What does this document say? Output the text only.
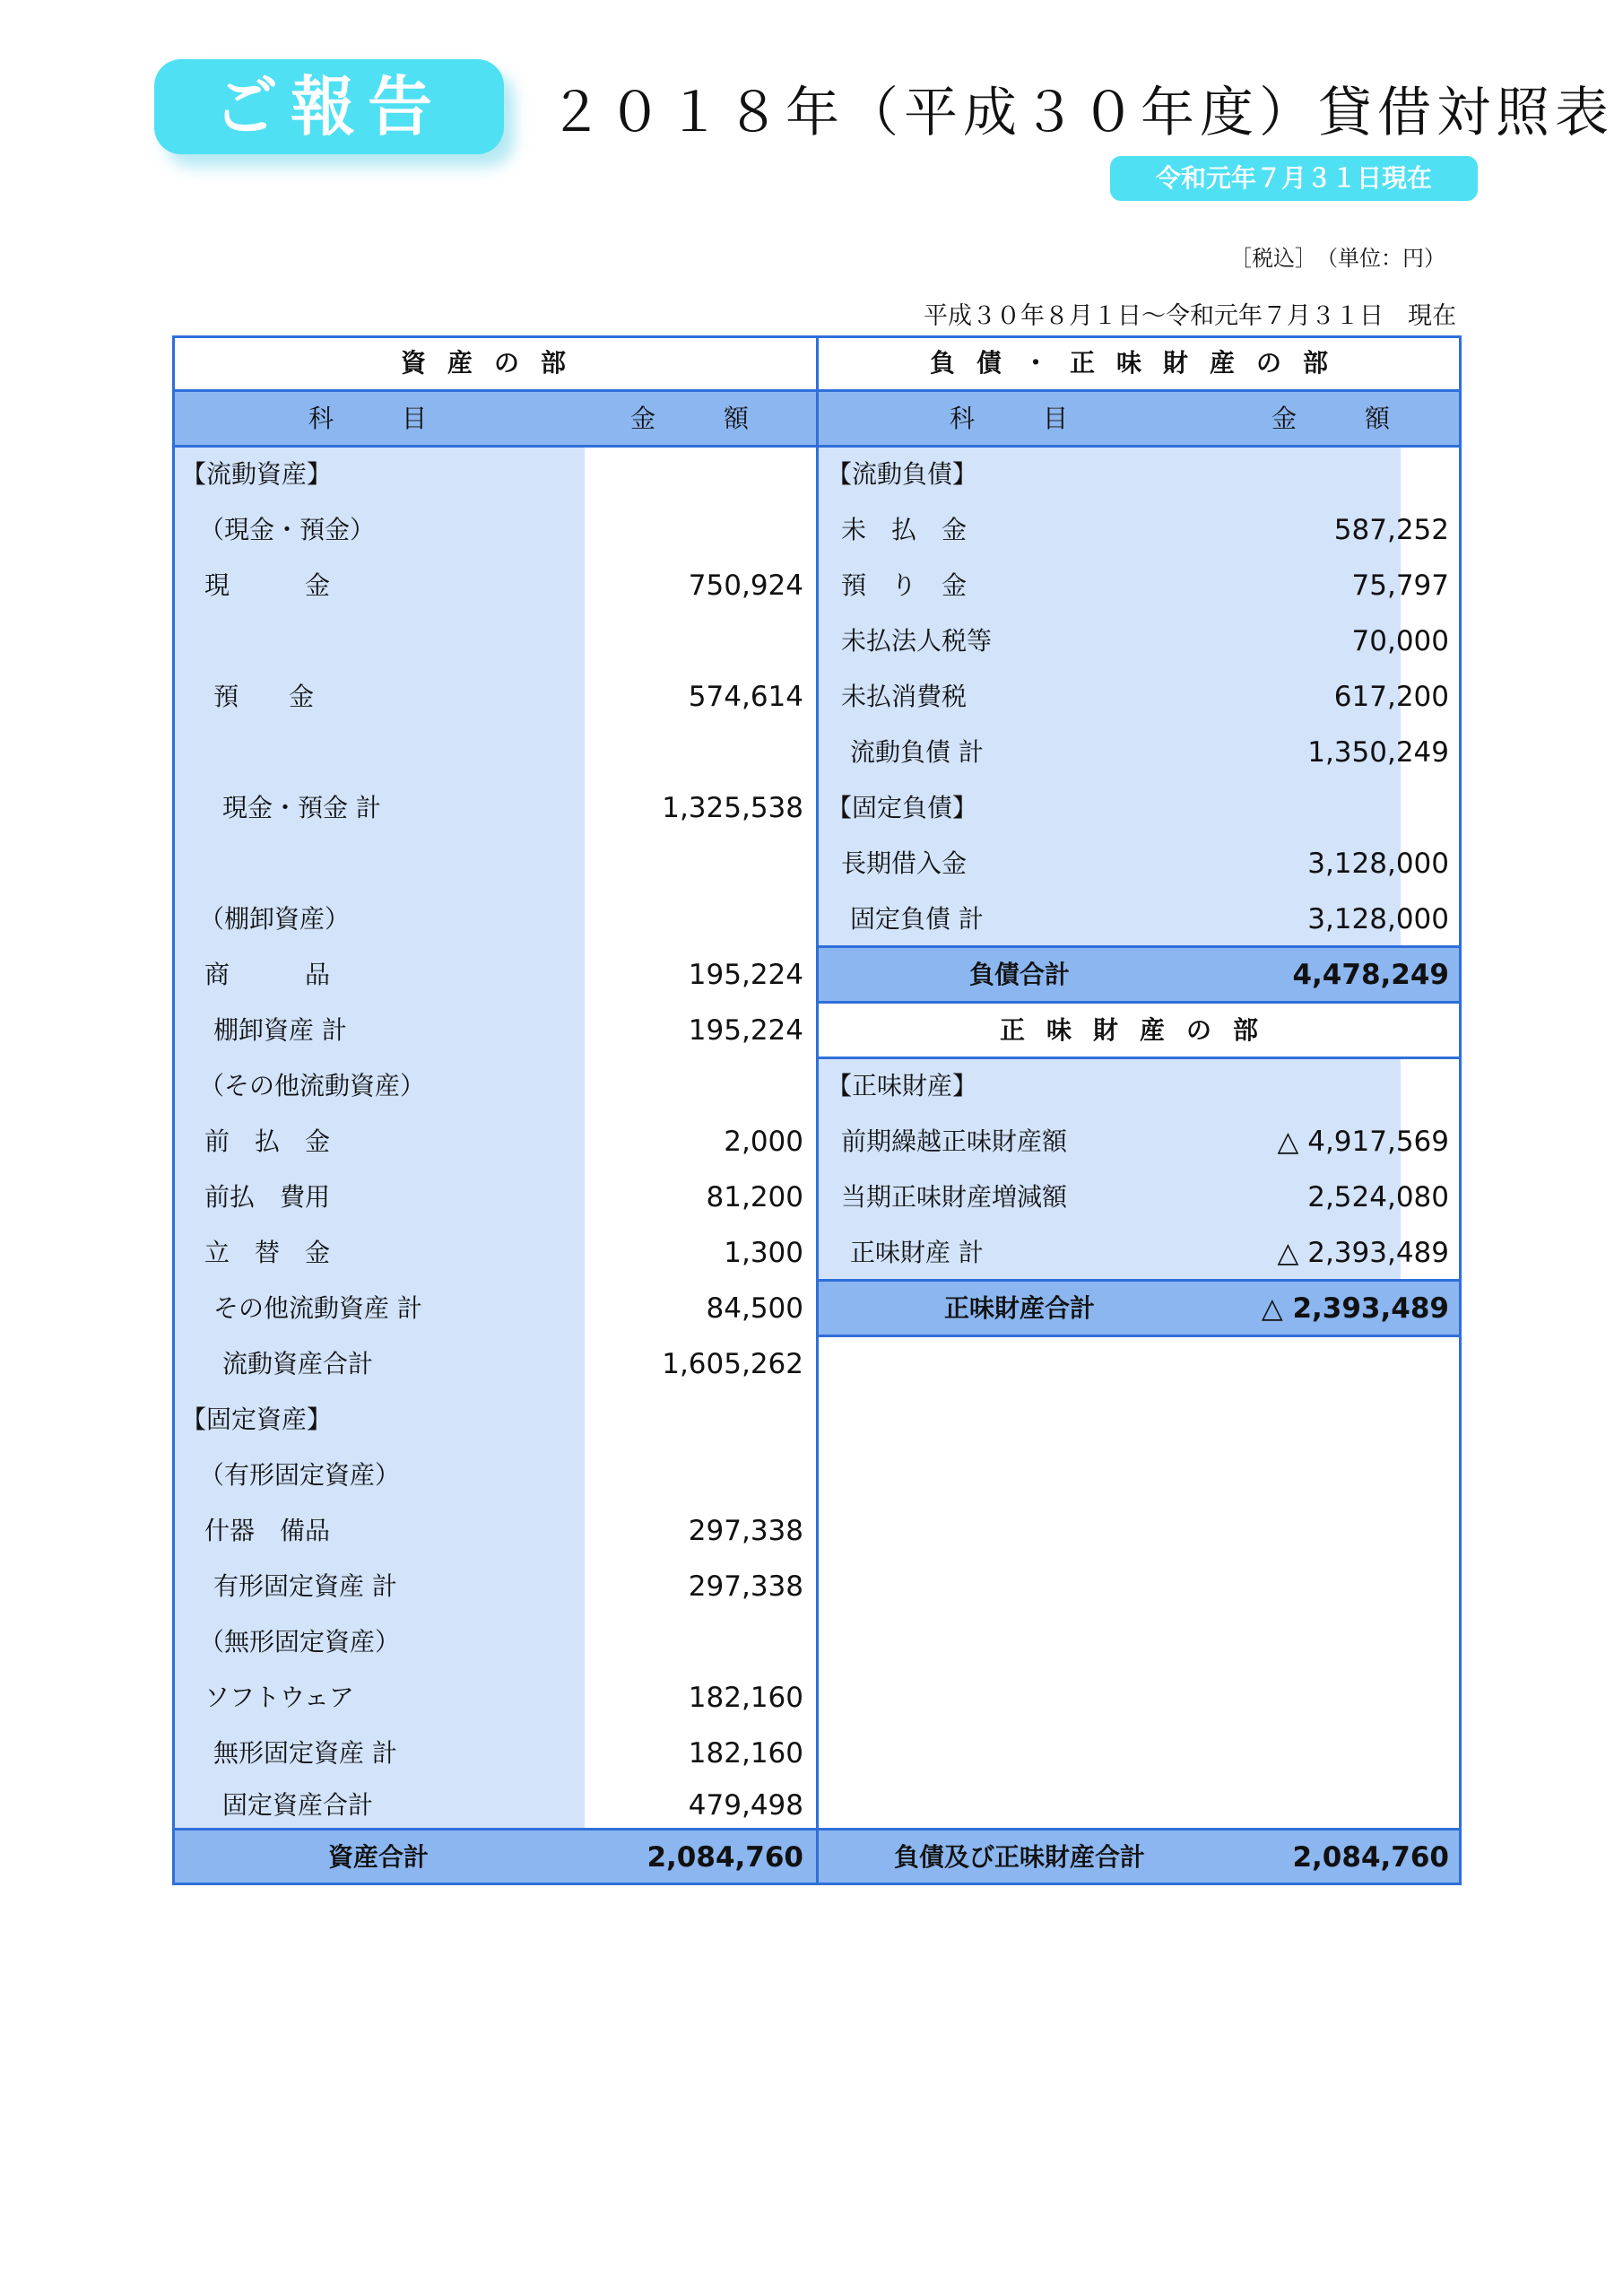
ご報告	２０１８年（平成３０年度）貸借対照表
令和元年７月３１日現在
［税込］　（単位：円）
平成３０年８月１日〜令和元年７月３１日　現在
資産の部	負債・正味財産の部
科　目	金　額	科　目	金　額
【流動資産】
（現金・預金）
現　　　金	750,924
預　　金	574,614
現金・預金 計	1,325,538
（棚卸資産）
商　　　品	195,224
棚卸資産 計	195,224
（その他流動資産）
前　払　金	2,000
前払　費用	81,200
立　替　金	1,300
その他流動資産 計	84,500
流動資産合計	1,605,262
【固定資産】
（有形固定資産）
什器　備品	297,338
有形固定資産 計	297,338
（無形固定資産）
ソフトウェア	182,160
無形固定資産 計	182,160
固定資産合計	479,498
【流動負債】
未　払　金	587,252
預　り　金	75,797
未払法人税等	70,000
未払消費税	617,200
流動負債 計	1,350,249
【固定負債】
長期借入金	3,128,000
固定負債 計	3,128,000
負債合計	4,478,249
正味財産の部
【正味財産】
前期繰越正味財産額	△ 4,917,569
当期正味財産増減額	2,524,080
正味財産 計	△ 2,393,489
正味財産合計	△ 2,393,489
資産合計	2,084,760	負債及び正味財産合計	2,084,760
